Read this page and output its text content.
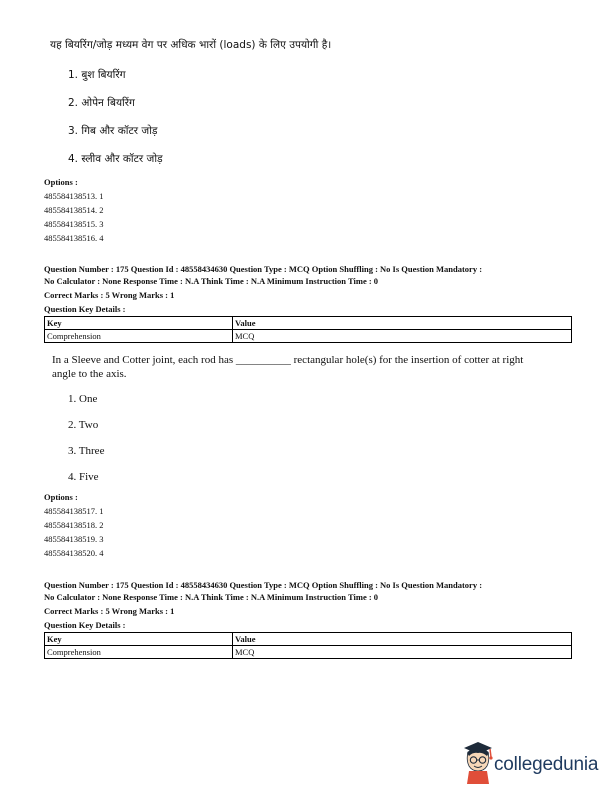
यह बियरिंग/जोड़ मध्यम वेग पर अधिक भारों (loads) के लिए उपयोगी है।
1. बुश बियरिंग
2. ओपेन बियरिंग
3. गिब और कॉटर जोड़
4. स्लीव और कॉटर जोड़
Options :
485584138513. 1
485584138514. 2
485584138515. 3
485584138516. 4
Question Number : 175 Question Id : 48558434630 Question Type : MCQ Option Shuffling : No Is Question Mandatory :
No Calculator : None Response Time : N.A Think Time : N.A Minimum Instruction Time : 0
Correct Marks : 5 Wrong Marks : 1
Question Key Details :
Key	Value
Comprehension	MCQ
In a Sleeve and Cotter joint, each rod has __________ rectangular hole(s) for the insertion of cotter at right
angle to the axis.
1. One
2. Two
3. Three
4. Five
Options :
485584138517. 1
485584138518. 2
485584138519. 3
485584138520. 4
Question Number : 175 Question Id : 48558434630 Question Type : MCQ Option Shuffling : No Is Question Mandatory :
No Calculator : None Response Time : N.A Think Time : N.A Minimum Instruction Time : 0
Correct Marks : 5 Wrong Marks : 1
Question Key Details :
Key	Value
Comprehension	MCQ
collegedunia
